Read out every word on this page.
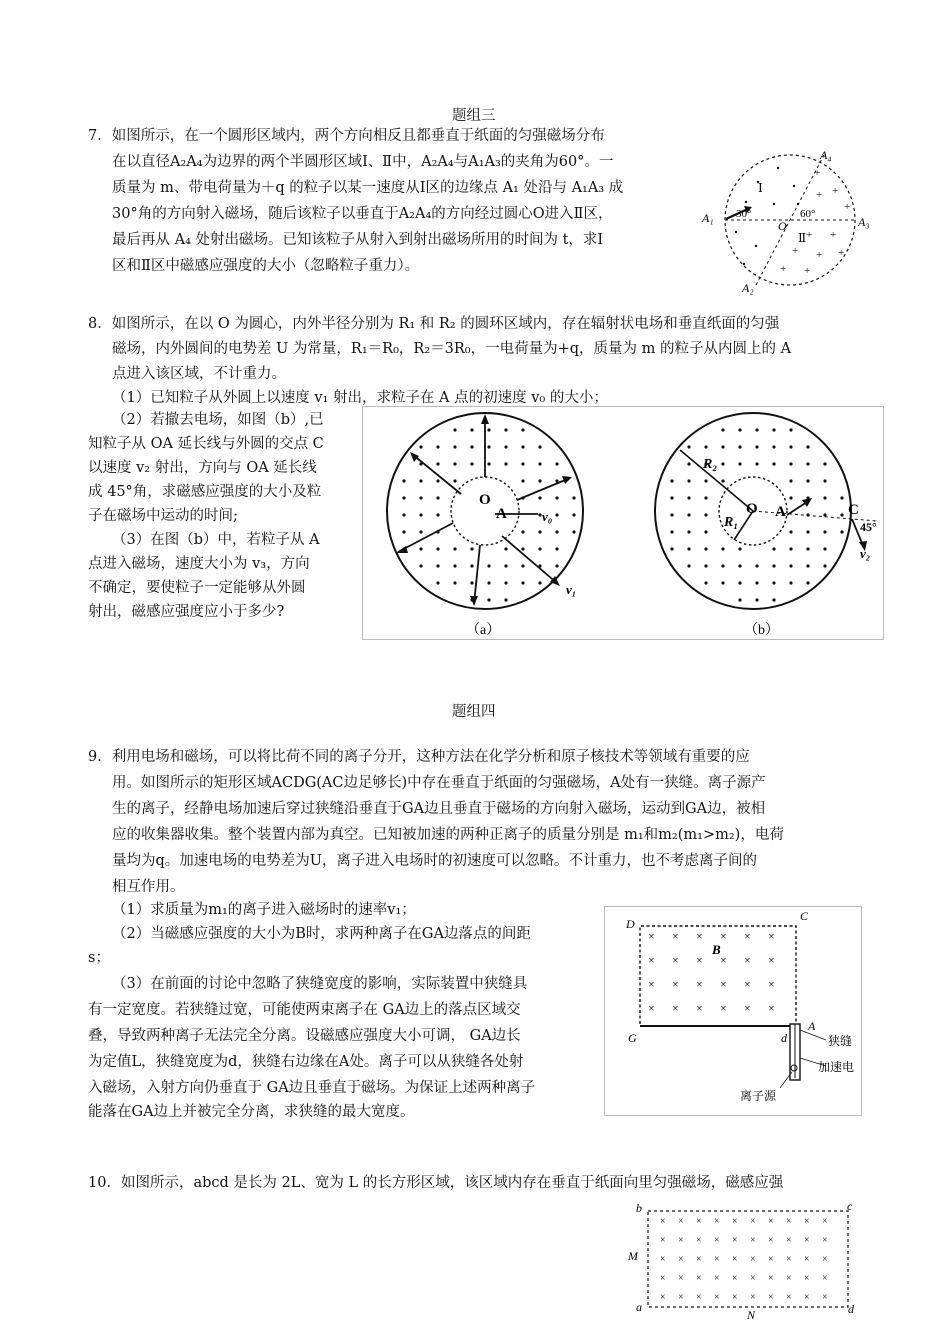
题组三
7．如图所示，在一个圆形区域内，两个方向相反且都垂直于纸面的匀强磁场分布
在以直径A₂A₄为边界的两个半圆形区域Ⅰ、Ⅱ中，A₂A₄与A₁A₃的夹角为60°。一
质量为 m、带电荷量为＋q 的粒子以某一速度从Ⅰ区的边缘点 A₁ 处沿与 A₁A₃ 成
30°角的方向射入磁场，随后该粒子以垂直于A₂A₄的方向经过圆心O进入Ⅱ区，
最后再从 A₄ 处射出磁场。已知该粒子从射入到射出磁场所用的时间为 t，求Ⅰ
区和Ⅱ区中磁感应强度的大小（忽略粒子重力）。
+
+
+
+
+ +
+ + +
+ +
A₁	A₃
A₄
A₂
O
Ⅰ
Ⅱ
30°	60°
8．如图所示，在以 O 为圆心，内外半径分别为 R₁ 和 R₂ 的圆环区域内，存在辐射状电场和垂直纸面的匀强
磁场，内外圆间的电势差 U 为常量，R₁＝R₀，R₂＝3R₀，一电荷量为+q，质量为 m 的粒子从内圆上的 A
点进入该区域，不计重力。
（1）已知粒子从外圆上以速度 v₁ 射出，求粒子在 A 点的初速度 v₀ 的大小；
（2）若撤去电场，如图（b）,已
知粒子从 OA 延长线与外圆的交点 C
以速度 v₂ 射出，方向与 OA 延长线
成 45°角，求磁感应强度的大小及粒
子在磁场中运动的时间;
（3）在图（b）中，若粒子从 A
点进入磁场，速度大小为 v₃，方向
不确定，要使粒子一定能够从外圆
射出，磁感应强度应小于多少?
O
A	v₀
v₁
（a）
R₂
R₁
O A	C
45°
v₂
（b）
题组四
9．利用电场和磁场，可以将比荷不同的离子分开，这种方法在化学分析和原子核技术等领域有重要的应
用。如图所示的矩形区域ACDG(AC边足够长)中存在垂直于纸面的匀强磁场，A处有一狭缝。离子源产
生的离子，经静电场加速后穿过狭缝沿垂直于GA边且垂直于磁场的方向射入磁场，运动到GA边，被相
应的收集器收集。整个装置内部为真空。已知被加速的两种正离子的质量分别是 m₁和m₂(m₁>m₂)，电荷
量均为q。加速电场的电势差为U，离子进入电场时的初速度可以忽略。不计重力，也不考虑离子间的
相互作用。
（1）求质量为m₁的离子进入磁场时的速率v₁；
（2）当磁感应强度的大小为B时，求两种离子在GA边落点的间距
s；
（3）在前面的讨论中忽略了狭缝宽度的影响，实际装置中狭缝具
有一定宽度。若狭缝过宽，可能使两束离子在 GA边上的落点区域交
叠，导致两种离子无法完全分离。设磁感应强度大小可调， GA边长
为定值L，狭缝宽度为d，狭缝右边缘在A处。离子可以从狭缝各处射
入磁场，入射方向仍垂直于 GA边且垂直于磁场。为保证上述两种离子
能落在GA边上并被完全分离，求狭缝的最大宽度。
×
×
×
×
×
×
×
×
×
×
×
×
×
×
×
×
×
×
×
×
×
×
×
×
D
C
G
A
B
d	狭缝
加速电
离子源
10．如图所示，abcd 是长为 2L、宽为 L 的长方形区域，该区域内存在垂直于纸面向里匀强磁场，磁感应强
×
×
×
×
×
×
×
×
×
×
×
×
×
×
×
×
×
×
×
×
×
×
×
×
×
×
×
×
×
×
×
×
×
×
×
×
×
×
×
×
×
×
×
×
×
×
×
×
×
×
b	c
a	d
M
N
